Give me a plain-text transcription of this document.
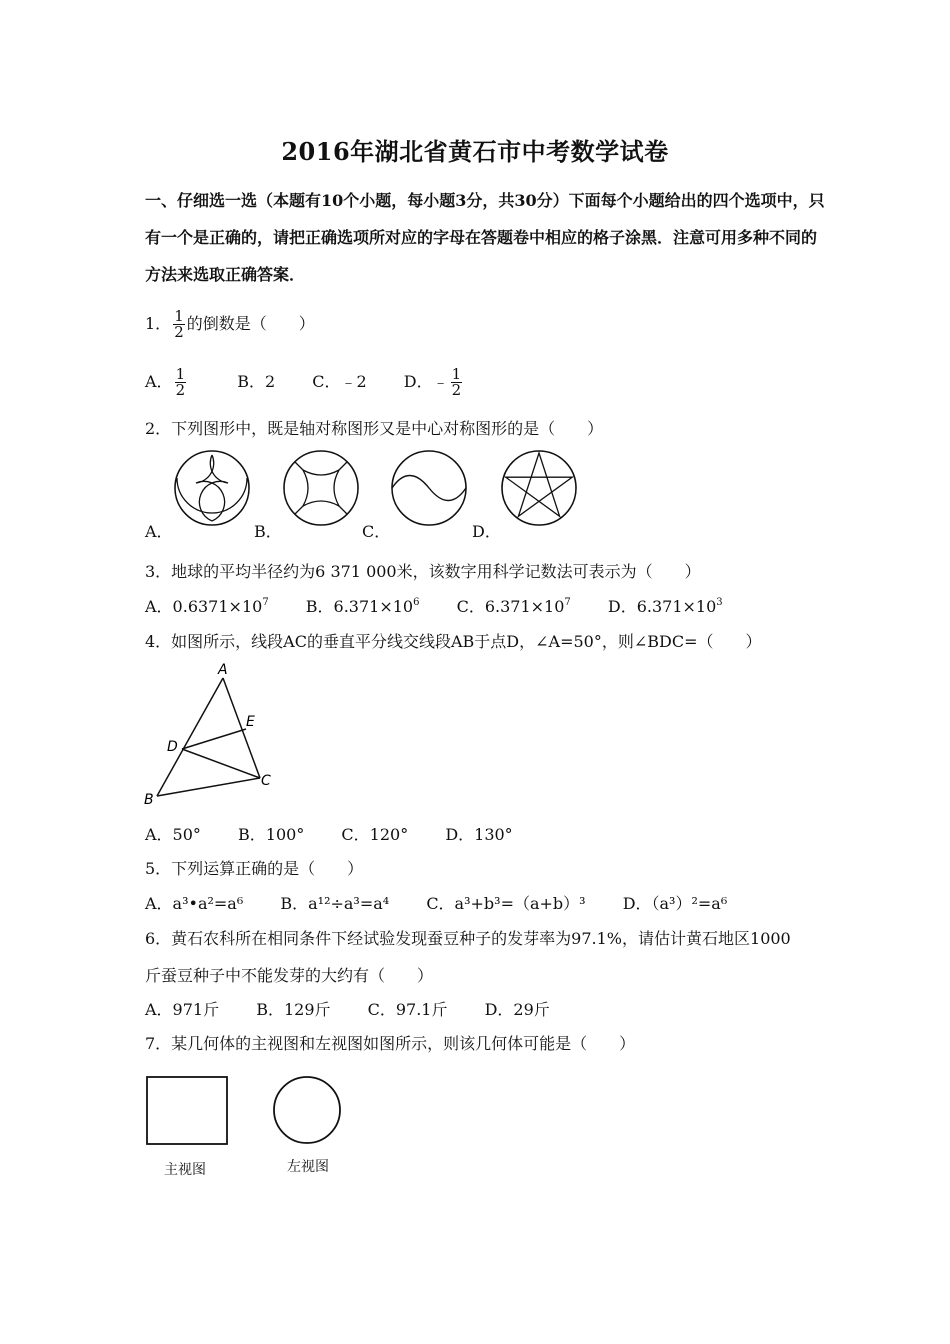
2016年湖北省黄石市中考数学试卷
一、仔细选一选（本题有10个小题，每小题3分，共30分）下面每个小题给出的四个选项中，只有一个是正确的，请把正确选项所对应的字母在答题卷中相应的格子涂黑．注意可用多种不同的方法来选取正确答案．
1． $\frac{1}{2}$ 的倒数是（　　）
A． $\frac{1}{2}$	B．2 C．﹣2 D．﹣ $\frac{1}{2}$
2．下列图形中，既是轴对称图形又是中心对称图形的是（　　）
A．	B．	C．	D．
3．地球的平均半径约为6 371 000米，该数字用科学记数法可表示为（　　）
A．$0.6371\times 10^7$ B．$6.371\times 10^6$ C．$6.371\times 10^7$ D．$6.371\times 10^3$
4．如图所示，线段AC的垂直平分线交线段AB于点D，∠A=50°，则∠BDC=（　　）
A
B
C
D
E
A．50° B．100° C．120° D．130°
5．下列运算正确的是（　　）
A．a³•a²=a⁶ B．a¹²÷a³=a⁴ C．a³+b³=（a+b）³ D．（a³）²=a⁶
6．黄石农科所在相同条件下经试验发现蚕豆种子的发芽率为97.1%，请估计黄石地区1000
斤蚕豆种子中不能发芽的大约有（　　）
A．971斤 B．129斤 C．97.1斤 D．29斤
7．某几何体的主视图和左视图如图所示，则该几何体可能是（　　）
主视图	左视图
